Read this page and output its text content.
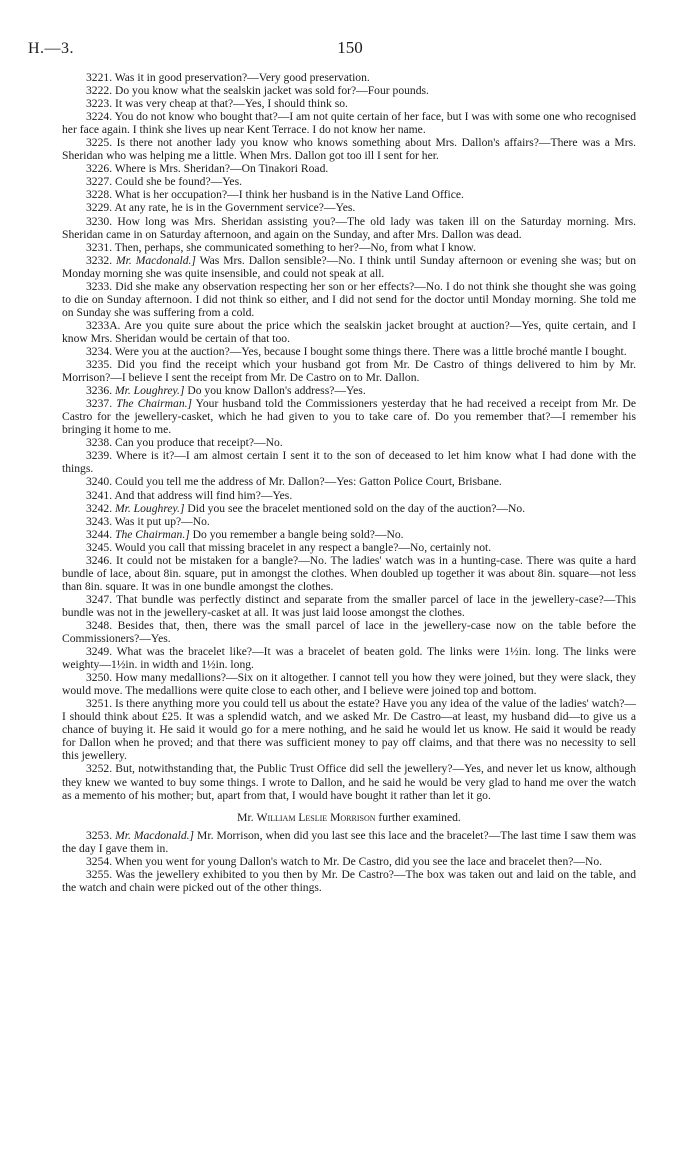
H.—3.	150

3221. Was it in good preservation?—Very good preservation.

3222. Do you know what the sealskin jacket was sold for?—Four pounds.

3223. It was very cheap at that?—Yes, I should think so.

3224. You do not know who bought that?—I am not quite certain of her face, but I was with some one who recognised her face again. I think she lives up near Kent Terrace. I do not know her name.

3225. Is there not another lady you know who knows something about Mrs. Dallon's affairs?—There was a Mrs. Sheridan who was helping me a little. When Mrs. Dallon got too ill I sent for her.

3226. Where is Mrs. Sheridan?—On Tinakori Road.

3227. Could she be found?—Yes.

3228. What is her occupation?—I think her husband is in the Native Land Office.

3229. At any rate, he is in the Government service?—Yes.

3230. How long was Mrs. Sheridan assisting you?—The old lady was taken ill on the Saturday morning. Mrs. Sheridan came in on Saturday afternoon, and again on the Sunday, and after Mrs. Dallon was dead.

3231. Then, perhaps, she communicated something to her?—No, from what I know.

3232. Mr. Macdonald.] Was Mrs. Dallon sensible?—No. I think until Sunday afternoon or evening she was; but on Monday morning she was quite insensible, and could not speak at all.

3233. Did she make any observation respecting her son or her effects?—No. I do not think she thought she was going to die on Sunday afternoon. I did not think so either, and I did not send for the doctor until Monday morning. She told me on Sunday she was suffering from a cold.

3233A. Are you quite sure about the price which the sealskin jacket brought at auction?—Yes, quite certain, and I know Mrs. Sheridan would be certain of that too.

3234. Were you at the auction?—Yes, because I bought some things there. There was a little broché mantle I bought.

3235. Did you find the receipt which your husband got from Mr. De Castro of things delivered to him by Mr. Morrison?—I believe I sent the receipt from Mr. De Castro on to Mr. Dallon.

3236. Mr. Loughrey.] Do you know Dallon's address?—Yes.

3237. The Chairman.] Your husband told the Commissioners yesterday that he had received a receipt from Mr. De Castro for the jewellery-casket, which he had given to you to take care of. Do you remember that?—I remember his bringing it home to me.

3238. Can you produce that receipt?—No.

3239. Where is it?—I am almost certain I sent it to the son of deceased to let him know what I had done with the things.

3240. Could you tell me the address of Mr. Dallon?—Yes: Gatton Police Court, Brisbane.

3241. And that address will find him?—Yes.

3242. Mr. Loughrey.] Did you see the bracelet mentioned sold on the day of the auction?—No.

3243. Was it put up?—No.

3244. The Chairman.] Do you remember a bangle being sold?—No.

3245. Would you call that missing bracelet in any respect a bangle?—No, certainly not.

3246. It could not be mistaken for a bangle?—No. The ladies' watch was in a hunting-case. There was quite a hard bundle of lace, about 8in. square, put in amongst the clothes. When doubled up together it was about 8in. square—not less than 8in. square. It was in one bundle amongst the clothes.

3247. That bundle was perfectly distinct and separate from the smaller parcel of lace in the jewellery-case?—This bundle was not in the jewellery-casket at all. It was just laid loose amongst the clothes.

3248. Besides that, then, there was the small parcel of lace in the jewellery-case now on the table before the Commissioners?—Yes.

3249. What was the bracelet like?—It was a bracelet of beaten gold. The links were 1½in. long. The links were weighty—1½in. in width and 1½in. long.

3250. How many medallions?—Six on it altogether. I cannot tell you how they were joined, but they were slack, they would move. The medallions were quite close to each other, and I believe were joined top and bottom.

3251. Is there anything more you could tell us about the estate? Have you any idea of the value of the ladies' watch?—I should think about £25. It was a splendid watch, and we asked Mr. De Castro—at least, my husband did—to give us a chance of buying it. He said it would go for a mere nothing, and he said he would let us know. He said it would be ready for Dallon when he proved; and that there was sufficient money to pay off claims, and that there was no necessity to sell this jewellery.

3252. But, notwithstanding that, the Public Trust Office did sell the jewellery?—Yes, and never let us know, although they knew we wanted to buy some things. I wrote to Dallon, and he said he would be very glad to hand me over the watch as a memento of his mother; but, apart from that, I would have bought it rather than let it go.

Mr. William Leslie Morrison further examined.

3253. Mr. Macdonald.] Mr. Morrison, when did you last see this lace and the bracelet?—The last time I saw them was the day I gave them in.

3254. When you went for young Dallon's watch to Mr. De Castro, did you see the lace and bracelet then?—No.

3255. Was the jewellery exhibited to you then by Mr. De Castro?—The box was taken out and laid on the table, and the watch and chain were picked out of the other things.
